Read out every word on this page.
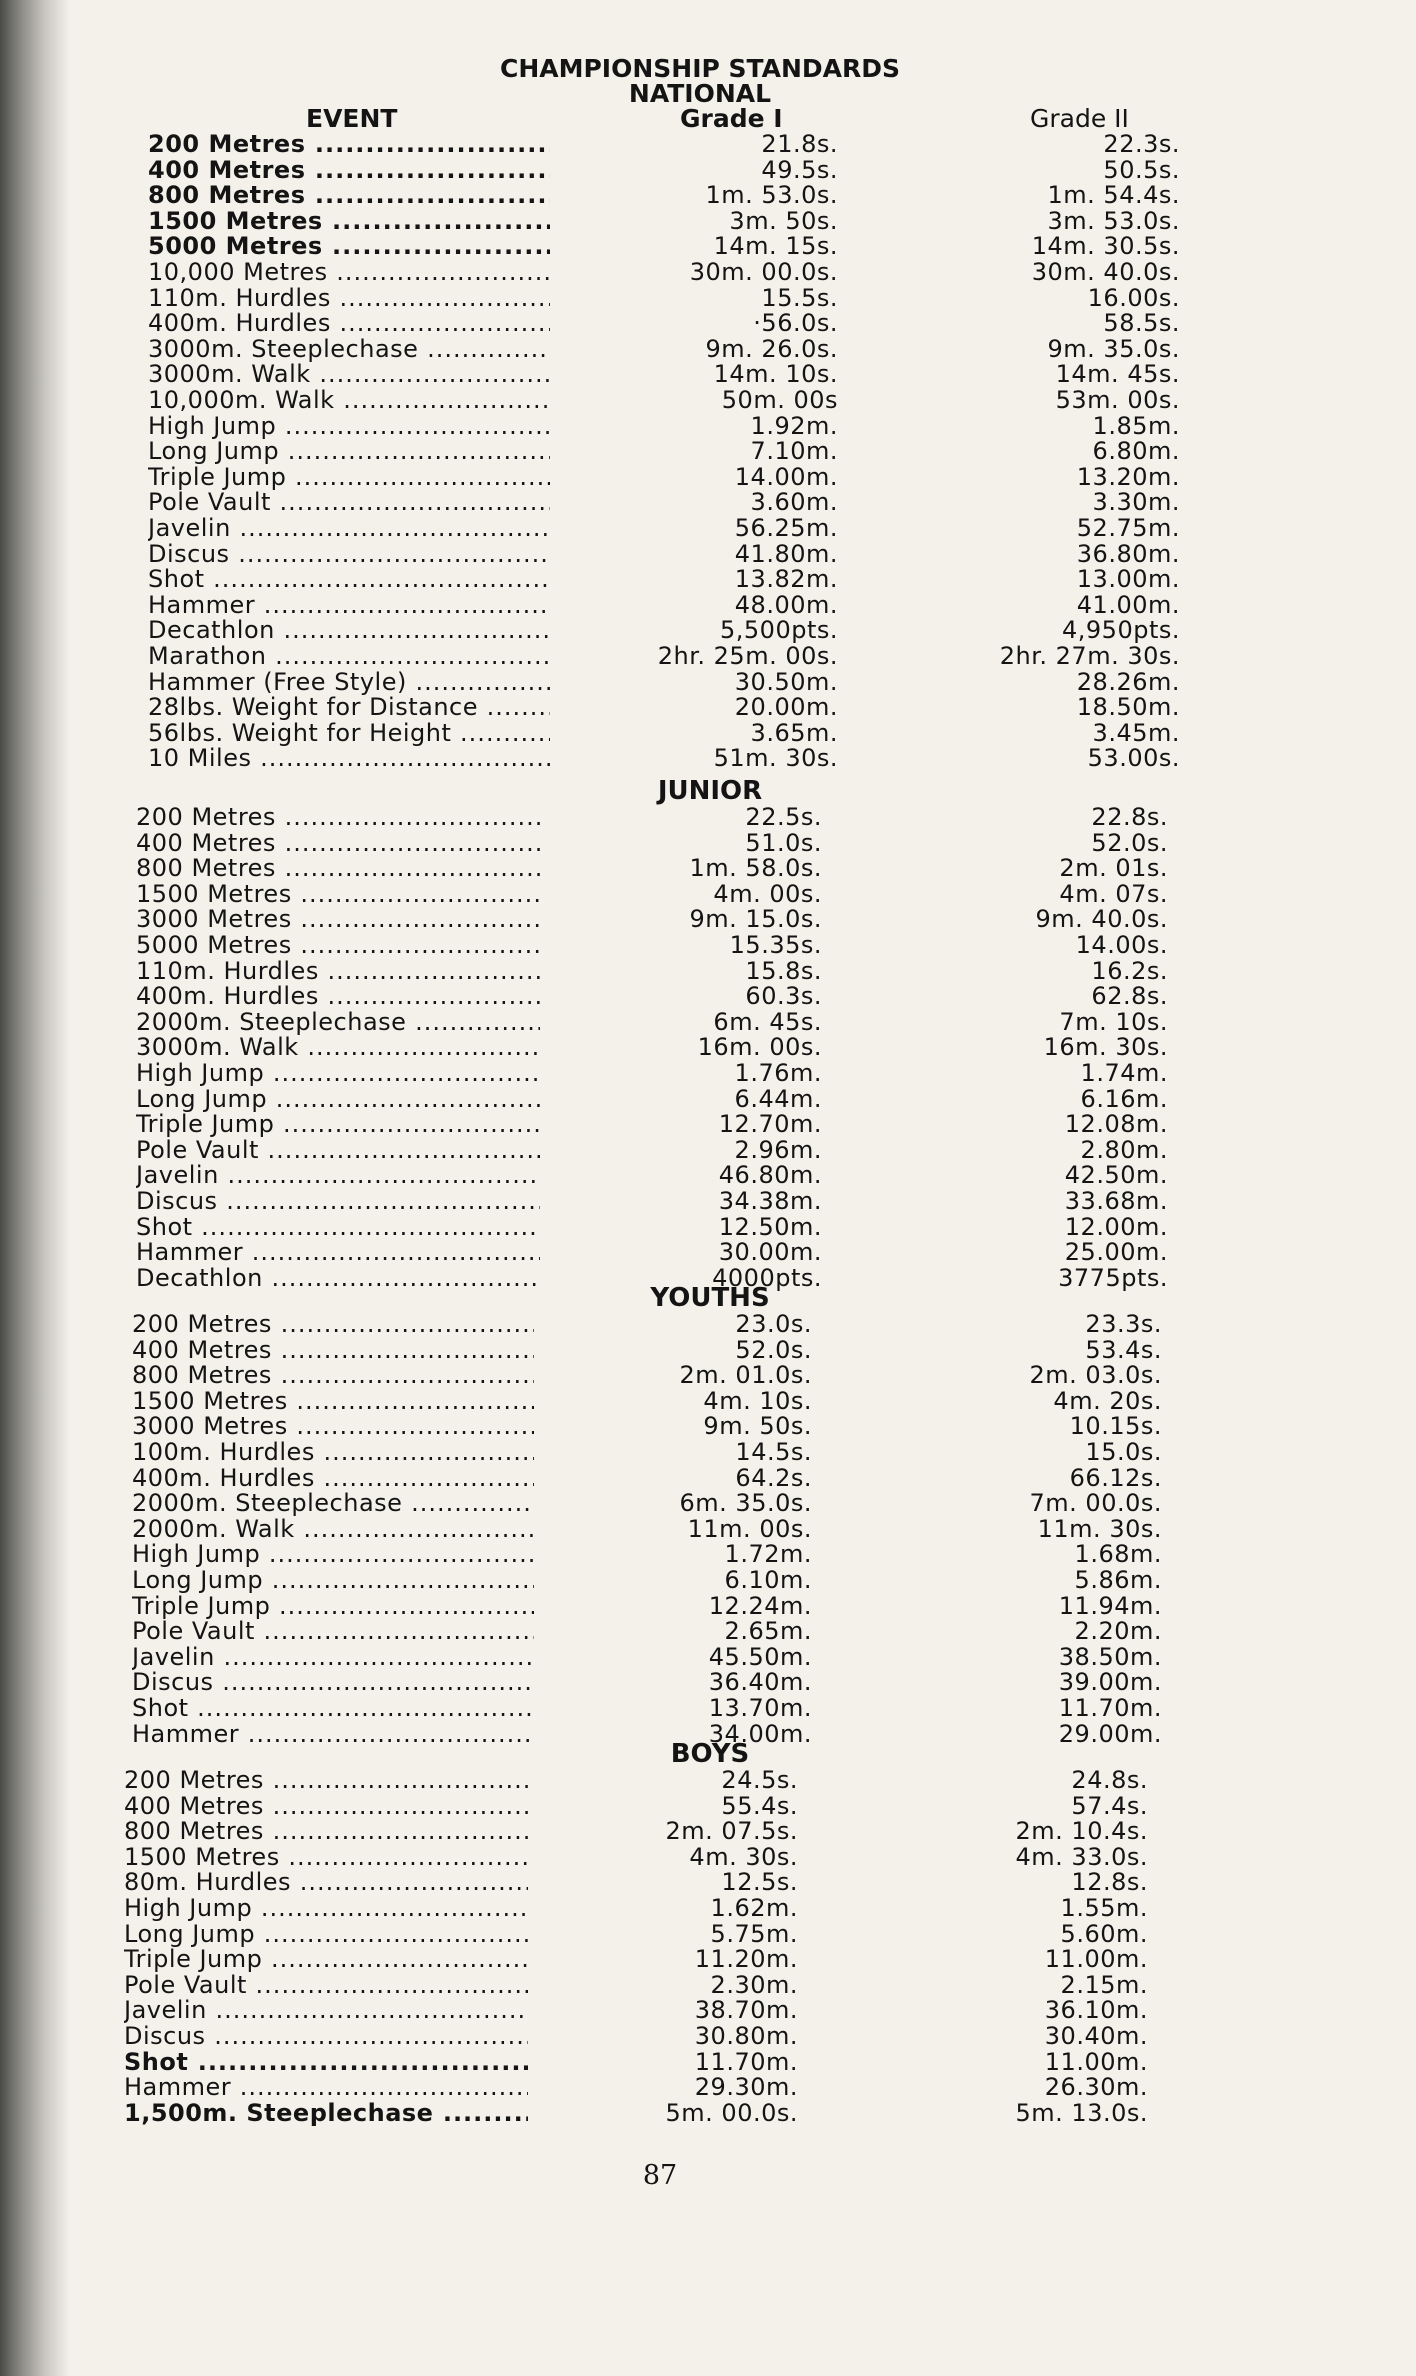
CHAMPIONSHIP STANDARDS
NATIONAL
EVENT	Grade I	Grade II
200 Metres .....	21.8s.	22.3s.
400 Metres .....	49.5s.	50.5s.
800 Metres .....	1m. 53.0s.	1m. 54.4s.
1500 Metres .....	3m. 50s.	3m. 53.0s.
5000 Metres .....	14m. 15s.	14m. 30.5s.
10,000 Metres .....	30m. 00.0s.	30m. 40.0s.
110m. Hurdles .....	15.5s.	16.00s.
400m. Hurdles .....	·56.0s.	58.5s.
3000m. Steeplechase .....	9m. 26.0s.	9m. 35.0s.
3000m. Walk .....	14m. 10s.	14m. 45s.
10,000m. Walk .....	50m. 00s	53m. 00s.
High Jump .....	1.92m.	1.85m.
Long Jump .....	7.10m.	6.80m.
Triple Jump .....	14.00m.	13.20m.
Pole Vault .....	3.60m.	3.30m.
Javelin .....	56.25m.	52.75m.
Discus .....	41.80m.	36.80m.
Shot .....	13.82m.	13.00m.
Hammer .....	48.00m.	41.00m.
Decathlon .....	5,500pts.	4,950pts.
Marathon .....	2hr. 25m. 00s.	2hr. 27m. 30s.
Hammer (Free Style) .....	30.50m.	28.26m.
28lbs. Weight for Distance .....	20.00m.	18.50m.
56lbs. Weight for Height .....	3.65m.	3.45m.
10 Miles .....	51m. 30s.	53.00s.
JUNIOR
200 Metres .....	22.5s.	22.8s.
400 Metres .....	51.0s.	52.0s.
800 Metres .....	1m. 58.0s.	2m. 01s.
1500 Metres .....	4m. 00s.	4m. 07s.
3000 Metres .....	9m. 15.0s.	9m. 40.0s.
5000 Metres .....	15.35s.	14.00s.
110m. Hurdles .....	15.8s.	16.2s.
400m. Hurdles .....	60.3s.	62.8s.
2000m. Steeplechase .....	6m. 45s.	7m. 10s.
3000m. Walk .....	16m. 00s.	16m. 30s.
High Jump .....	1.76m.	1.74m.
Long Jump .....	6.44m.	6.16m.
Triple Jump .....	12.70m.	12.08m.
Pole Vault .....	2.96m.	2.80m.
Javelin .....	46.80m.	42.50m.
Discus .....	34.38m.	33.68m.
Shot .....	12.50m.	12.00m.
Hammer .....	30.00m.	25.00m.
Decathlon .....	4000pts.	3775pts.
YOUTHS
200 Metres .....	23.0s.	23.3s.
400 Metres .....	52.0s.	53.4s.
800 Metres .....	2m. 01.0s.	2m. 03.0s.
1500 Metres .....	4m. 10s.	4m. 20s.
3000 Metres .....	9m. 50s.	10.15s.
100m. Hurdles .....	14.5s.	15.0s.
400m. Hurdles .....	64.2s.	66.12s.
2000m. Steeplechase .....	6m. 35.0s.	7m. 00.0s.
2000m. Walk .....	11m. 00s.	11m. 30s.
High Jump .....	1.72m.	1.68m.
Long Jump .....	6.10m.	5.86m.
Triple Jump .....	12.24m.	11.94m.
Pole Vault .....	2.65m.	2.20m.
Javelin .....	45.50m.	38.50m.
Discus .....	36.40m.	39.00m.
Shot .....	13.70m.	11.70m.
Hammer .....	34.00m.	29.00m.
BOYS
200 Metres .....	24.5s.	24.8s.
400 Metres .....	55.4s.	57.4s.
800 Metres .....	2m. 07.5s.	2m. 10.4s.
1500 Metres .....	4m. 30s.	4m. 33.0s.
80m. Hurdles .....	12.5s.	12.8s.
High Jump .....	1.62m.	1.55m.
Long Jump .....	5.75m.	5.60m.
Triple Jump .....	11.20m.	11.00m.
Pole Vault .....	2.30m.	2.15m.
Javelin .....	38.70m.	36.10m.
Discus .....	30.80m.	30.40m.
Shot .....	11.70m.	11.00m.
Hammer .....	29.30m.	26.30m.
1,500m. Steeplechase .....	5m. 00.0s.	5m. 13.0s.
87
